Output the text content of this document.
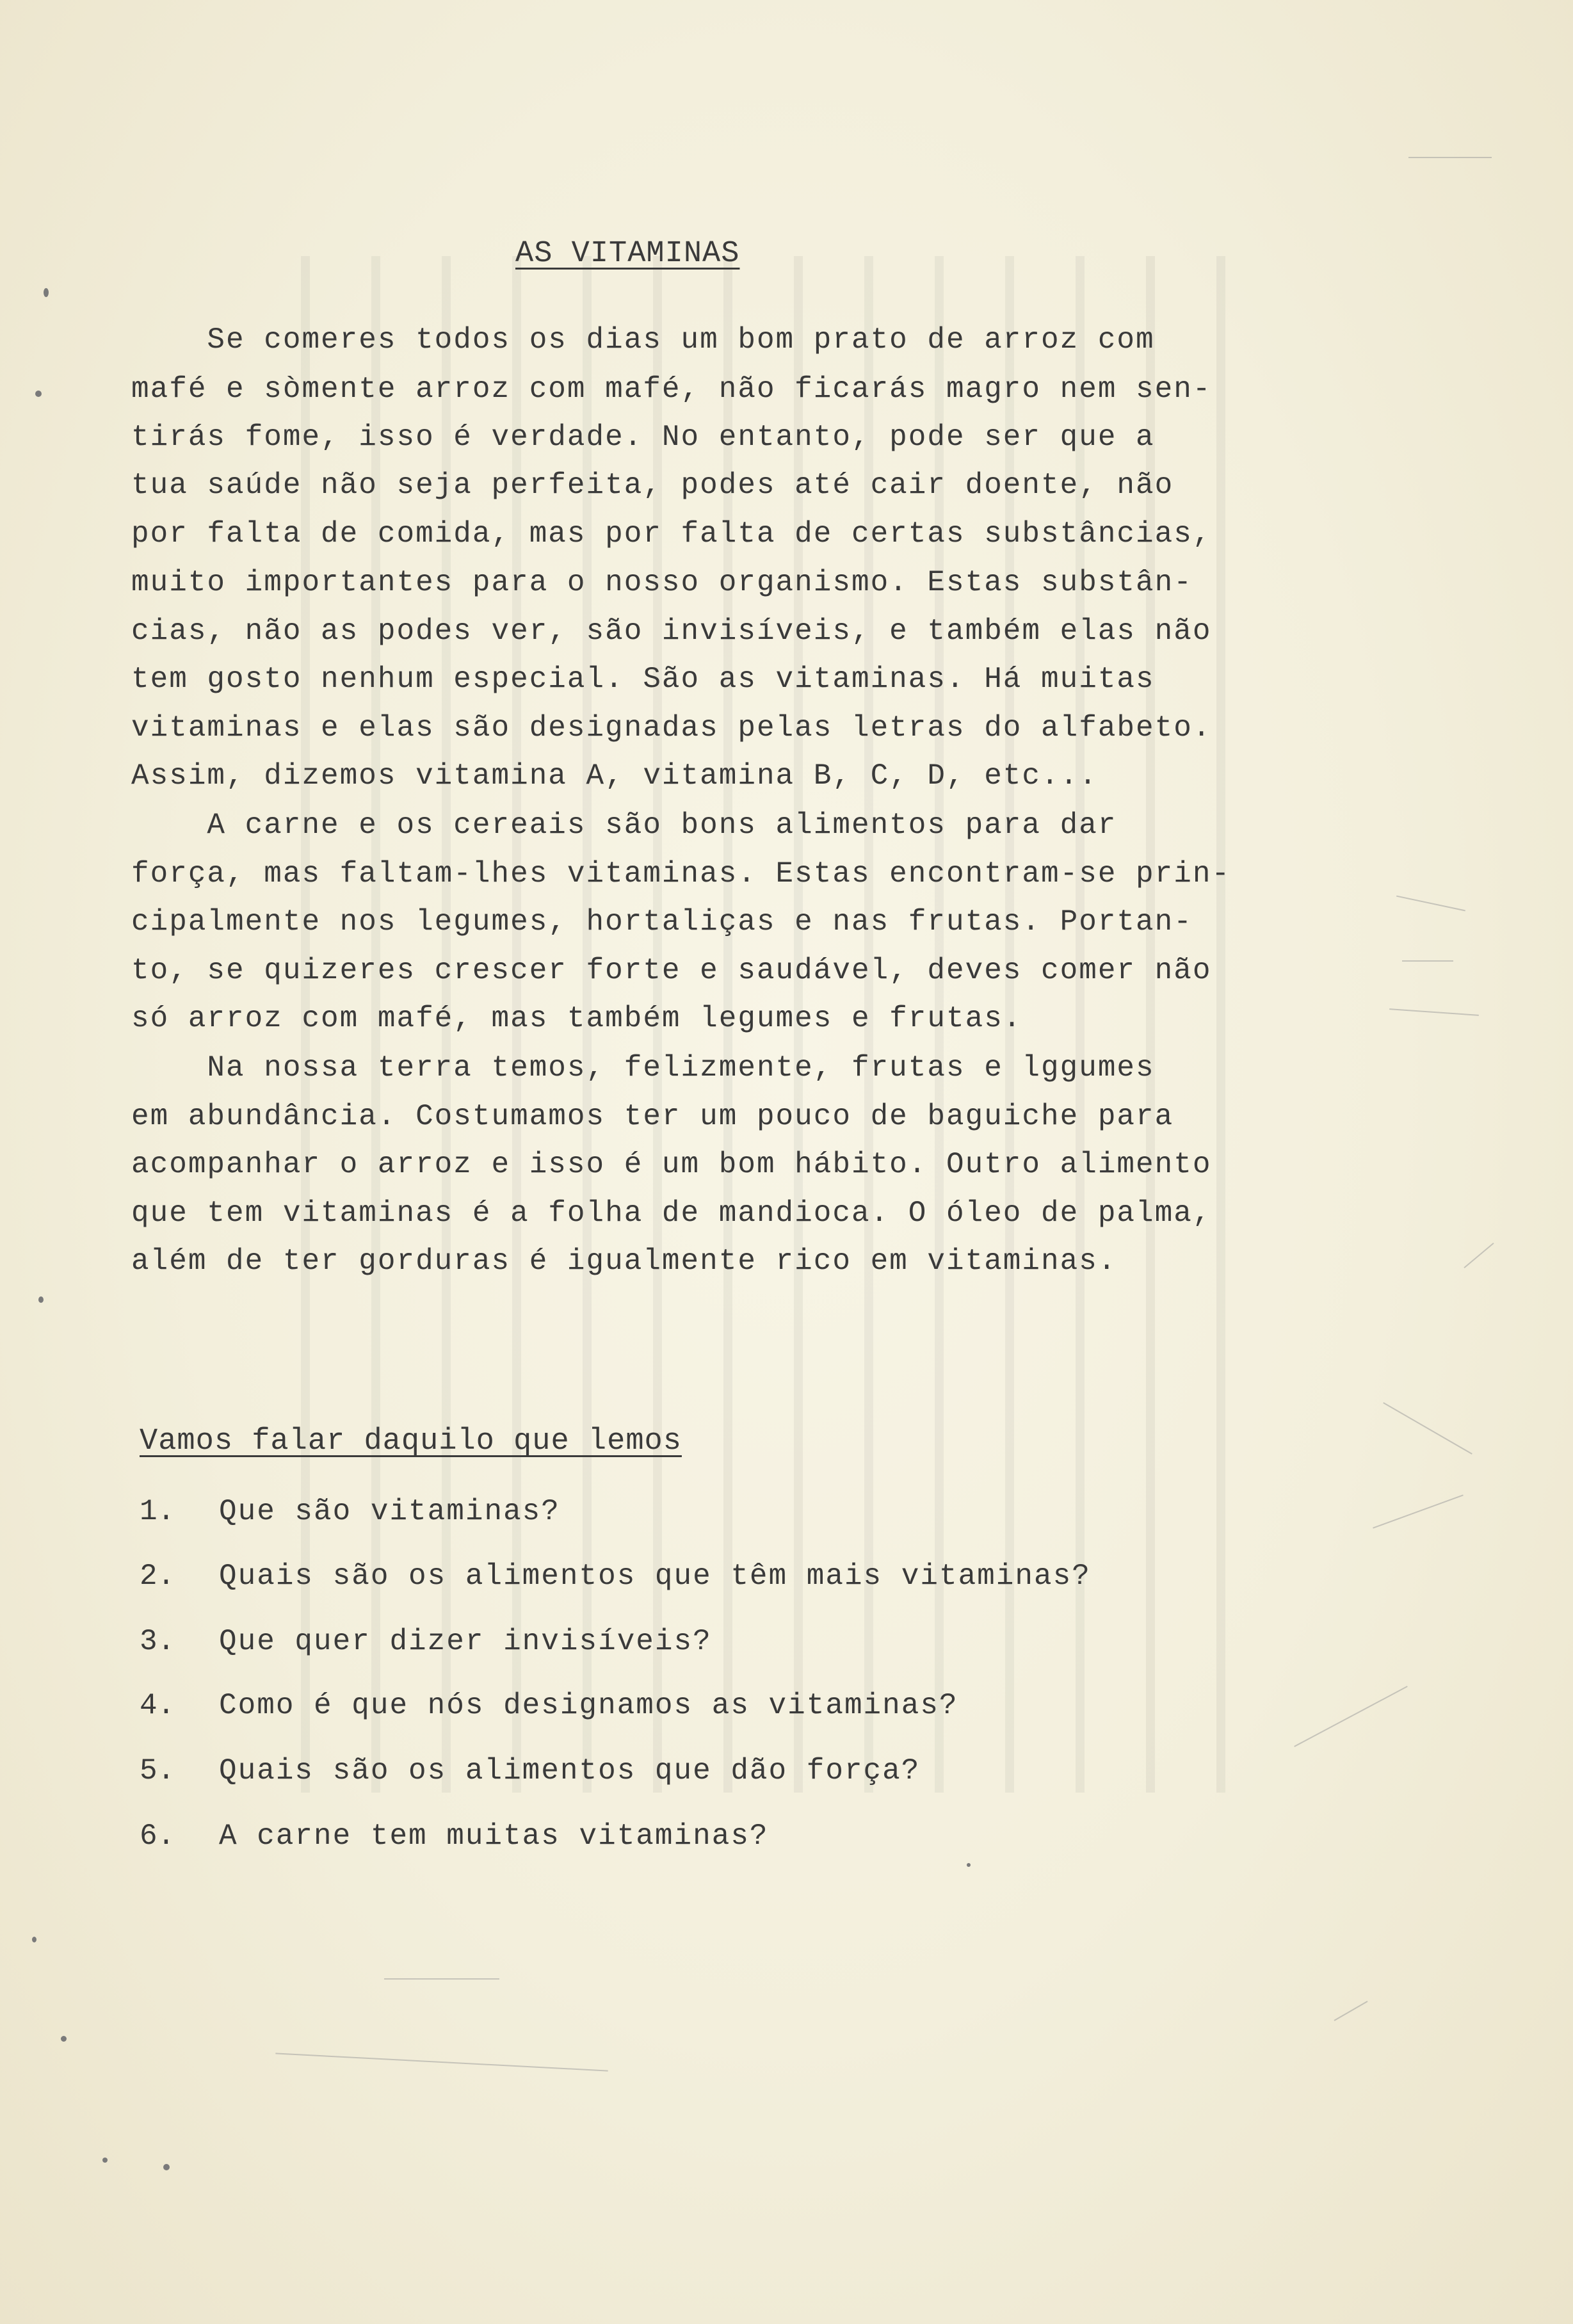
AS VITAMINAS
Se comeres todos os dias um bom prato de arroz com
mafé e sòmente arroz com mafé, não ficarás magro nem sen-
tirás fome, isso é verdade. No entanto, pode ser que a
tua saúde não seja perfeita, podes até cair doente, não
por falta de comida, mas por falta de certas substâncias,
muito importantes para o nosso organismo. Estas substân-
cias, não as podes ver, são invisíveis, e também elas não
tem gosto nenhum especial. São as vitaminas. Há muitas
vitaminas e elas são designadas pelas letras do alfabeto.
Assim, dizemos vitamina A, vitamina B, C, D, etc...
A carne e os cereais são bons alimentos para dar
força, mas faltam-lhes vitaminas. Estas encontram-se prin-
cipalmente nos legumes, hortaliças e nas frutas. Portan-
to, se quizeres crescer forte e saudável, deves comer não
só arroz com mafé, mas também legumes e frutas.
Na nossa terra temos, felizmente, frutas e lggumes
em abundância. Costumamos ter um pouco de baguiche para
acompanhar o arroz e isso é um bom hábito. Outro alimento
que tem vitaminas é a folha de mandioca. O óleo de palma,
além de ter gorduras é igualmente rico em vitaminas.
Vamos falar daquilo que lemos
1. Que são vitaminas?
2. Quais são os alimentos que têm mais vitaminas?
3. Que quer dizer invisíveis?
4. Como é que nós designamos as vitaminas?
5. Quais são os alimentos que dão força?
6. A carne tem muitas vitaminas?
